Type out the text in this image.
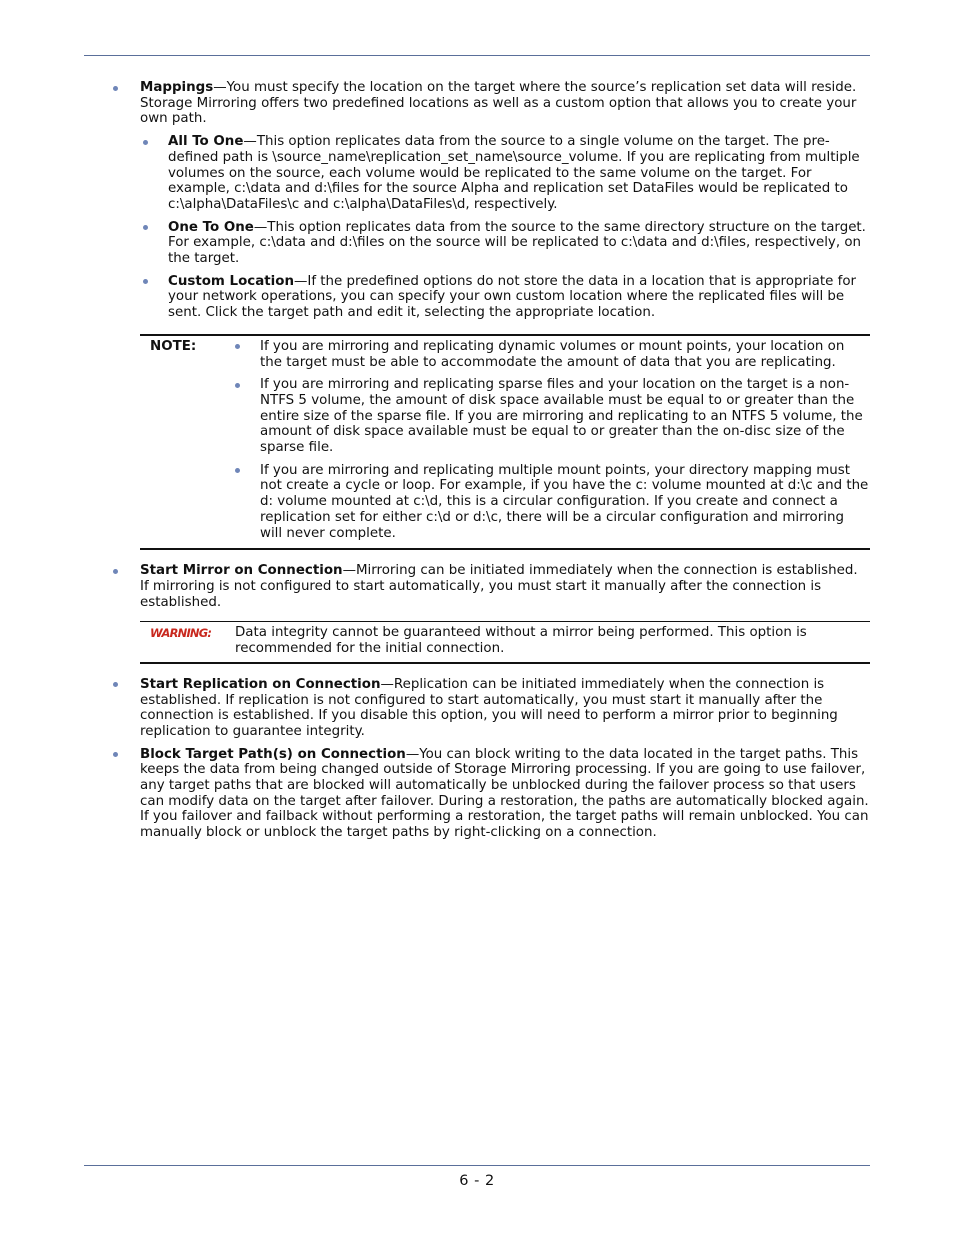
Mappings—You must specify the location on the target where the source’s replication set data will reside. Storage Mirroring offers two predefined locations as well as a custom option that allows you to create your own path.
All To One—This option replicates data from the source to a single volume on the target. The pre-defined path is \source_name\replication_set_name\source_volume. If you are replicating from multiple volumes on the source, each volume would be replicated to the same volume on the target. For example, c:\data and d:\files for the source Alpha and replication set DataFiles would be replicated to c:\alpha\DataFiles\c and c:\alpha\DataFiles\d, respectively.
One To One—This option replicates data from the source to the same directory structure on the target. For example, c:\data and d:\files on the source will be replicated to c:\data and d:\files, respectively, on the target.
Custom Location—If the predefined options do not store the data in a location that is appropriate for your network operations, you can specify your own custom location where the replicated files will be sent. Click the target path and edit it, selecting the appropriate location.
NOTE:	If you are mirroring and replicating dynamic volumes or mount points, your location on the target must be able to accommodate the amount of data that you are replicating.
If you are mirroring and replicating sparse files and your location on the target is a non-NTFS 5 volume, the amount of disk space available must be equal to or greater than the entire size of the sparse file. If you are mirroring and replicating to an NTFS 5 volume, the amount of disk space available must be equal to or greater than the on-disc size of the sparse file.
If you are mirroring and replicating multiple mount points, your directory mapping must not create a cycle or loop. For example, if you have the c: volume mounted at d:\c and the d: volume mounted at c:\d, this is a circular configuration. If you create and connect a replication set for either c:\d or d:\c, there will be a circular configuration and mirroring will never complete.
Start Mirror on Connection—Mirroring can be initiated immediately when the connection is established. If mirroring is not configured to start automatically, you must start it manually after the connection is established.
WARNING: Data integrity cannot be guaranteed without a mirror being performed. This option is recommended for the initial connection.
Start Replication on Connection—Replication can be initiated immediately when the connection is established. If replication is not configured to start automatically, you must start it manually after the connection is established. If you disable this option, you will need to perform a mirror prior to beginning replication to guarantee integrity.
Block Target Path(s) on Connection—You can block writing to the data located in the target paths. This keeps the data from being changed outside of Storage Mirroring processing. If you are going to use failover, any target paths that are blocked will automatically be unblocked during the failover process so that users can modify data on the target after failover. During a restoration, the paths are automatically blocked again. If you failover and failback without performing a restoration, the target paths will remain unblocked. You can manually block or unblock the target paths by right-clicking on a connection.
6 - 2
